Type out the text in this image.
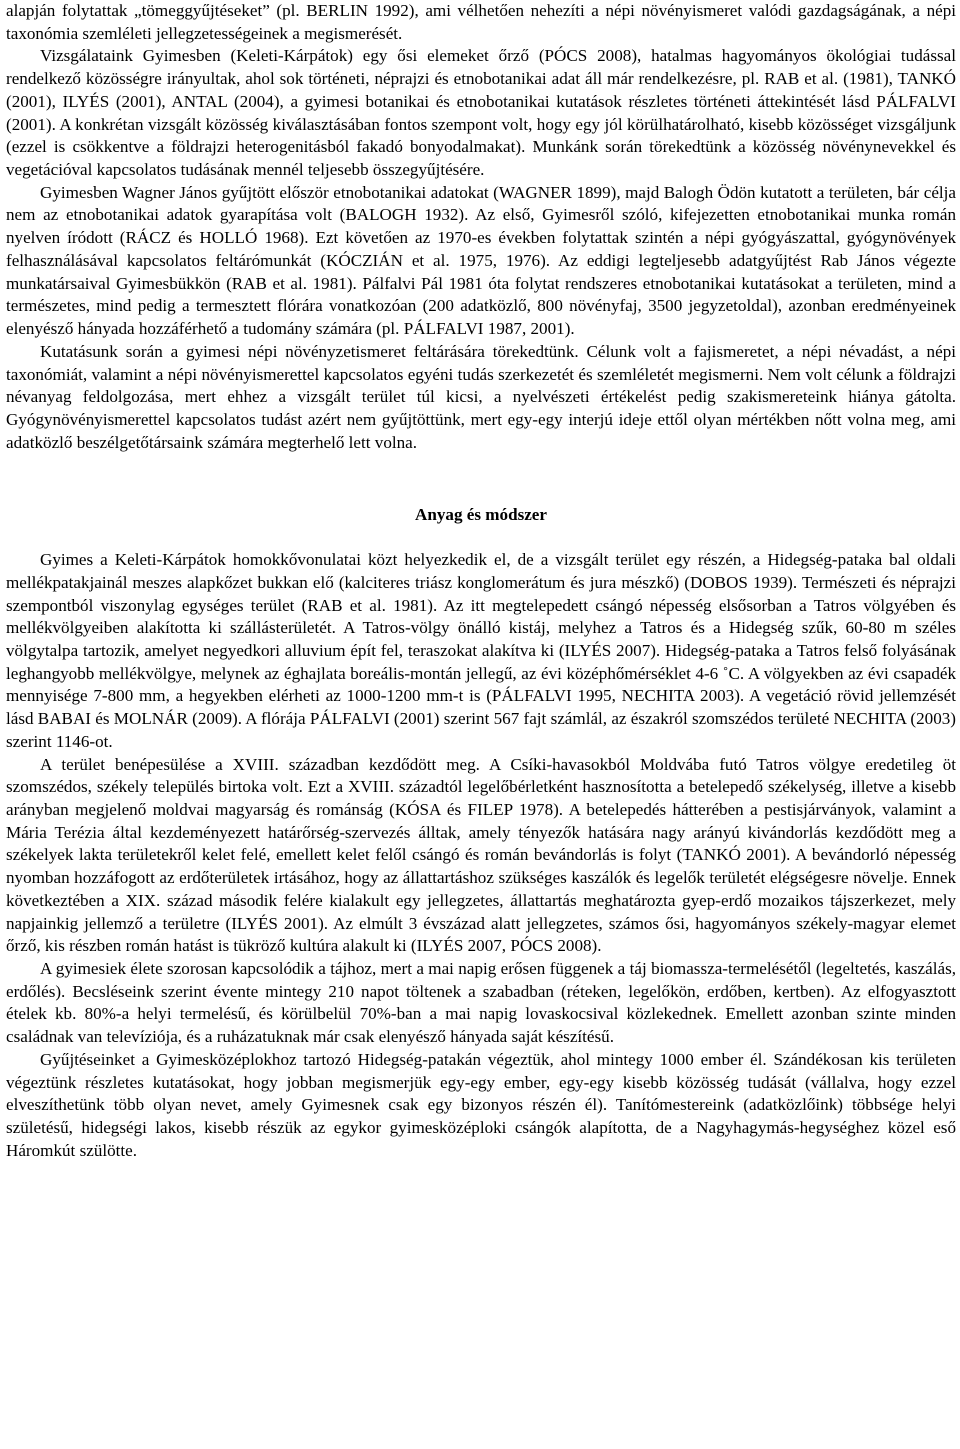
alapján folytattak „tömeggyűjtéseket” (pl. BERLIN 1992), ami vélhetően nehezíti a népi növényismeret valódi gazdagságának, a népi taxonómia szemléleti jellegzetességeinek a megismerését.

Vizsgálataink Gyimesben (Keleti-Kárpátok) egy ősi elemeket őrző (PÓCS 2008), hatalmas hagyományos ökológiai tudással rendelkező közösségre irányultak, ahol sok történeti, néprajzi és etnobotanikai adat áll már rendelkezésre, pl. RAB et al. (1981), TANKÓ (2001), ILYÉS (2001), ANTAL (2004), a gyimesi botanikai és etnobotanikai kutatások részletes történeti áttekintését lásd PÁLFALVI (2001). A konkrétan vizsgált közösség kiválasztásában fontos szempont volt, hogy egy jól körülhatárolható, kisebb közösséget vizsgáljunk (ezzel is csökkentve a földrajzi heterogenitásból fakadó bonyodalmakat). Munkánk során törekedtünk a közösség növénynevekkel és vegetációval kapcsolatos tudásának mennél teljesebb összegyűjtésére.

Gyimesben Wagner János gyűjtött először etnobotanikai adatokat (WAGNER 1899), majd Balogh Ödön kutatott a területen, bár célja nem az etnobotanikai adatok gyarapítása volt (BALOGH 1932). Az első, Gyimesről szóló, kifejezetten etnobotanikai munka román nyelven íródott (RÁCZ és HOLLÓ 1968). Ezt követően az 1970-es években folytattak szintén a népi gyógyászattal, gyógynövények felhasználásával kapcsolatos feltárómunkát (KÓCZIÁN et al. 1975, 1976). Az eddigi legteljesebb adatgyűjtést Rab János végezte munkatársaival Gyimesbükkön (RAB et al. 1981). Pálfalvi Pál 1981 óta folytat rendszeres etnobotanikai kutatásokat a területen, mind a természetes, mind pedig a termesztett flórára vonatkozóan (200 adatközlő, 800 növényfaj, 3500 jegyzetoldal), azonban eredményeinek elenyésző hányada hozzáférhető a tudomány számára (pl. PÁLFALVI 1987, 2001).

Kutatásunk során a gyimesi népi növényzetismeret feltárására törekedtünk. Célunk volt a fajismeretet, a népi névadást, a népi taxonómiát, valamint a népi növényismerettel kapcsolatos egyéni tudás szerkezetét és szemléletét megismerni. Nem volt célunk a földrajzi névanyag feldolgozása, mert ehhez a vizsgált terület túl kicsi, a nyelvészeti értékelést pedig szakismereteink hiánya gátolta. Gyógynövényismerettel kapcsolatos tudást azért nem gyűjtöttünk, mert egy-egy interjú ideje ettől olyan mértékben nőtt volna meg, ami adatközlő beszélgetőtársaink számára megterhelő lett volna.

Anyag és módszer

Gyimes a Keleti-Kárpátok homokkővonulatai közt helyezkedik el, de a vizsgált terület egy részén, a Hidegség-pataka bal oldali mellékpatakjainál meszes alapkőzet bukkan elő (kalciteres triász konglomerátum és jura mészkő) (DOBOS 1939). Természeti és néprajzi szempontból viszonylag egységes terület (RAB et al. 1981). Az itt megtelepedett csángó népesség elsősorban a Tatros völgyében és mellékvölgyeiben alakította ki szállásterületét. A Tatros-völgy önálló kistáj, melyhez a Tatros és a Hidegség szűk, 60-80 m széles völgytalpa tartozik, amelyet negyedkori alluvium épít fel, teraszokat alakítva ki (ILYÉS 2007). Hidegség-pataka a Tatros felső folyásának leghangyobb mellékvölgye, melynek az éghajlata boreális-montán jellegű, az évi középhőmérséklet 4-6 ˚C. A völgyekben az évi csapadék mennyisége 7-800 mm, a hegyekben elérheti az 1000-1200 mm-t is (PÁLFALVI 1995, NECHITA 2003). A vegetáció rövid jellemzését lásd BABAI és MOLNÁR (2009). A flórája PÁLFALVI (2001) szerint 567 fajt számlál, az északról szomszédos területé NECHITA (2003) szerint 1146-ot.

A terület benépesülése a XVIII. században kezdődött meg. A Csíki-havasokból Moldvába futó Tatros völgye eredetileg öt szomszédos, székely település birtoka volt. Ezt a XVIII. századtól legelőbérletként hasznosította a betelepedő székelység, illetve a kisebb arányban megjelenő moldvai magyarság és románság (KÓSA és FILEP 1978). A betelepedés hátterében a pestisjárványok, valamint a Mária Terézia által kezdeményezett határőrség-szervezés álltak, amely tényezők hatására nagy arányú kivándorlás kezdődött meg a székelyek lakta területekről kelet felé, emellett kelet felől csángó és román bevándorlás is folyt (TANKÓ 2001). A bevándorló népesség nyomban hozzáfogott az erdőterületek irtásához, hogy az állattartáshoz szükséges kaszálók és legelők területét elégségesre növelje. Ennek következtében a XIX. század második felére kialakult egy jellegzetes, állattartás meghatározta gyep-erdő mozaikos tájszerkezet, mely napjainkig jellemző a területre (ILYÉS 2001). Az elmúlt 3 évszázad alatt jellegzetes, számos ősi, hagyományos székely-magyar elemet őrző, kis részben román hatást is tükröző kultúra alakult ki (ILYÉS 2007, PÓCS 2008).

A gyimesiek élete szorosan kapcsolódik a tájhoz, mert a mai napig erősen függenek a táj biomassza-termelésétől (legeltetés, kaszálás, erdőlés). Becsléseink szerint évente mintegy 210 napot töltenek a szabadban (réteken, legelőkön, erdőben, kertben). Az elfogyasztott ételek kb. 80%-a helyi termelésű, és körülbelül 70%-ban a mai napig lovaskocsival közlekednek. Emellett azonban szinte minden családnak van televíziója, és a ruházatuknak már csak elenyésző hányada saját készítésű.

Gyűjtéseinket a Gyimesközéplokhoz tartozó Hidegség-patakán végeztük, ahol mintegy 1000 ember él. Szándékosan kis területen végeztünk részletes kutatásokat, hogy jobban megismerjük egy-egy ember, egy-egy kisebb közösség tudását (vállalva, hogy ezzel elveszíthetünk több olyan nevet, amely Gyimesnek csak egy bizonyos részén él). Tanítómestereink (adatközlőink) többsége helyi születésű, hidegségi lakos, kisebb részük az egykor gyimesközéploki csángók alapította, de a Nagyhagymás-hegységhez közel eső Háromkút szülötte.
